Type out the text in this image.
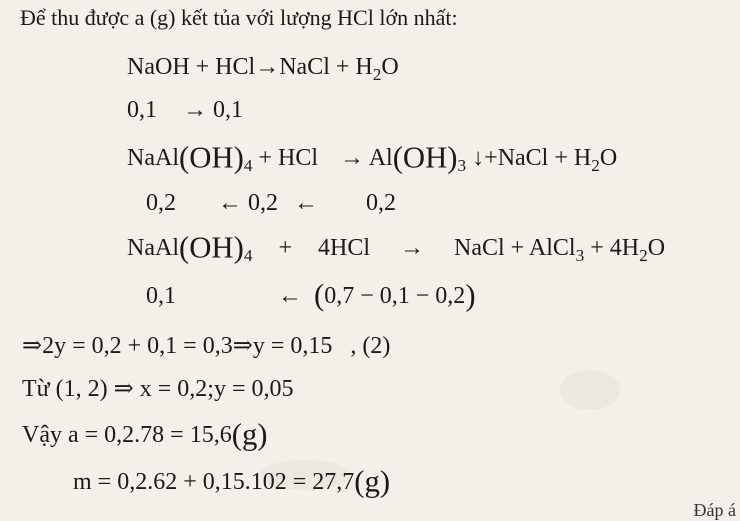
Để thu được a (g) kết tủa với lượng HCl lớn nhất:
NaOH + HCl→NaCl + $H_2O$
0,1 → 0,1
$NaAl(OH)_4$ + HCl → $Al(OH)_3$ ↓+NaCl + $H_2O$
0,2 ← 0,2 ← 0,2
$NaAl(OH)_4 + 4HCl$ → NaCl + AlCl$_3$ + $4H_2O$
0,1	← (0,7 − 0,1 − 0,2)
⇒2y = 0,2 + 0,1 = 0,3⇒y = 0,15 , (2)
Từ (1, 2) ⇒ x = 0,2;y = 0,05
Vậy a = 0,2.78 = 15,6(g)
m = 0,2.62 + 0,15.102 = 27,7(g)
Đáp á
